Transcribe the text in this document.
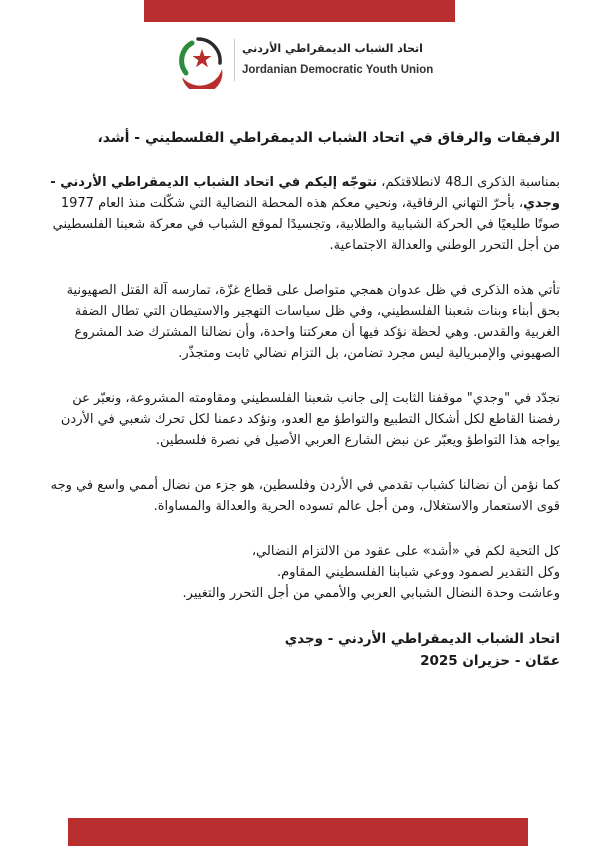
اتحاد الشباب الديمقراطي الأردني
Jordanian Democratic Youth Union

الرفيقات والرفاق في اتحاد الشباب الديمقراطي الفلسطيني - أشد،

بمناسبة الذكرى الـ48 لانطلاقتكم، نتوجّه إليكم في اتحاد الشباب الديمقراطي الأردني - وجدي، بأحرّ التهاني الرفاقية، ونحيي معكم هذه المحطة النضالية التي شكّلت منذ العام 1977 صوتًا طليعيًا في الحركة الشبابية والطلابية، وتجسيدًا لموقع الشباب في معركة شعبنا الفلسطيني من أجل التحرر الوطني والعدالة الاجتماعية.

تأتي هذه الذكرى في ظل عدوان همجي متواصل على قطاع غزّة، تمارسه آلة القتل الصهيونية بحق أبناء وبنات شعبنا الفلسطيني، وفي ظل سياسات التهجير والاستيطان التي تطال الضفة الغربية والقدس. وهي لحظة نؤكد فيها أن معركتنا واحدة، وأن نضالنا المشترك ضد المشروع الصهيوني والإمبريالية ليس مجرد تضامن، بل التزام نضالي ثابت ومتجذّر.

نجدّد في "وجدي" موقفنا الثابت إلى جانب شعبنا الفلسطيني ومقاومته المشروعة، ونعبّر عن رفضنا القاطع لكل أشكال التطبيع والتواطؤ مع العدو، ونؤكد دعمنا لكل تحرك شعبي في الأردن يواجه هذا التواطؤ ويعبّر عن نبض الشارع العربي الأصيل في نصرة فلسطين.

كما نؤمن أن نضالنا كشباب تقدمي في الأردن وفلسطين، هو جزء من نضال أممي واسع في وجه قوى الاستعمار والاستغلال، ومن أجل عالم تسوده الحرية والعدالة والمساواة.

كل التحية لكم في «أشد» على عقود من الالتزام النضالي،

وكل التقدير لصمود ووعي شبابنا الفلسطيني المقاوم.

وعاشت وحدة النضال الشبابي العربي والأممي من أجل التحرر والتغيير.

اتحاد الشباب الديمقراطي الأردني - وجدي

عمّان - حزيران 2025
